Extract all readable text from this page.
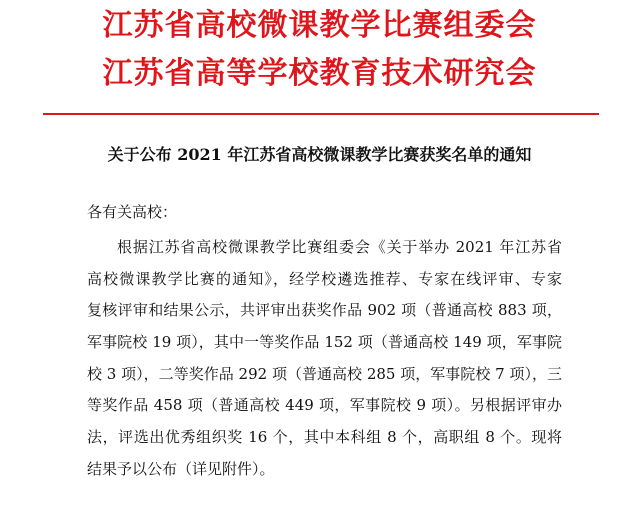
江苏省高校微课教学比赛组委会
江苏省高等学校教育技术研究会
关于公布 2021 年江苏省高校微课教学比赛获奖名单的通知
各有关高校：
根据江苏省高校微课教学比赛组委会《关于举办 2021 年江苏省
高校微课教学比赛的通知》，经学校遴选推荐、专家在线评审、专家
复核评审和结果公示，共评审出获奖作品 902 项（普通高校 883 项，
军事院校 19 项），其中一等奖作品 152 项（普通高校 149 项，军事院
校 3 项），二等奖作品 292 项（普通高校 285 项，军事院校 7 项），三
等奖作品 458 项（普通高校 449 项，军事院校 9 项）。另根据评审办
法，评选出优秀组织奖 16 个，其中本科组 8 个，高职组 8 个。现将
结果予以公布（详见附件）。
